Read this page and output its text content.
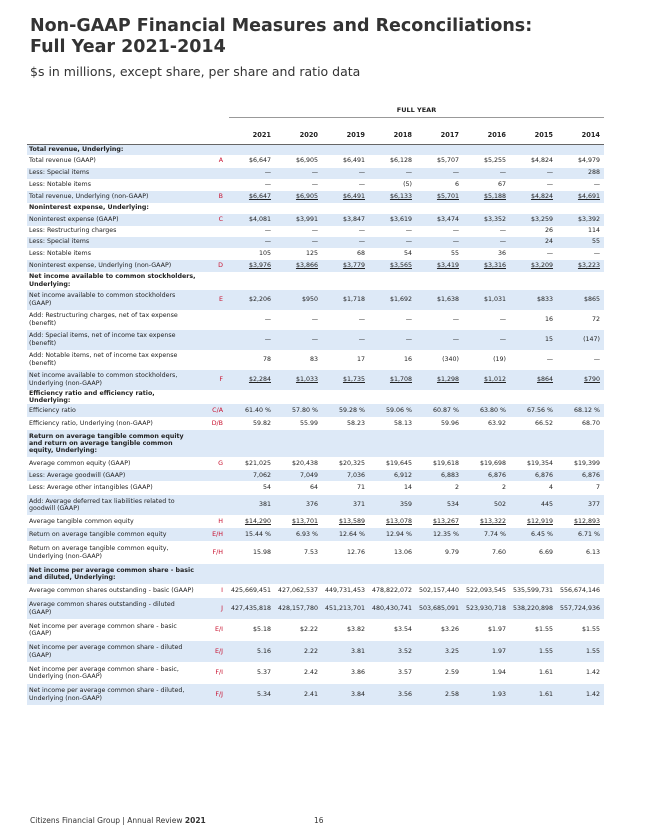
Non-GAAP Financial Measures and Reconciliations:
Full Year 2021-2014
$s in millions, except share, per share and ratio data
FULL YEAR
		2021	2020	2019	2018	2017	2016	2015	2014
Total revenue, Underlying:									
Total revenue (GAAP)	A	$6,647	$6,905	$6,491	$6,128	$5,707	$5,255	$4,824	$4,979
Less: Special items		—	—	—	—	—	—	—	288
Less: Notable items		—	—	—	(5)	6	67	—	—
Total revenue, Underlying (non-GAAP)	B	$6,647	$6,905	$6,491	$6,133	$5,701	$5,188	$4,824	$4,691
Noninterest expense, Underlying:									
Noninterest expense (GAAP)	C	$4,081	$3,991	$3,847	$3,619	$3,474	$3,352	$3,259	$3,392
Less: Restructuring charges		—	—	—	—	—	—	26	114
Less: Special items		—	—	—	—	—	—	24	55
Less: Notable items		105	125	68	54	55	36	—	—
Noninterest expense, Underlying (non-GAAP)	D	$3,976	$3,866	$3,779	$3,565	$3,419	$3,316	$3,209	$3,223
Net income available to common stockholders, Underlying:									
Net income available to common stockholders (GAAP)	E	$2,206	$950	$1,718	$1,692	$1,638	$1,031	$833	$865
Add: Restructuring charges, net of tax expense (benefit)		—	—	—	—	—	—	16	72
Add: Special items, net of income tax expense (benefit)		—	—	—	—	—	—	15	(147)
Add: Notable items, net of income tax expense (benefit)		78	83	17	16	(340)	(19)	—	—
Net income available to common stockholders, Underlying (non-GAAP)	F	$2,284	$1,033	$1,735	$1,708	$1,298	$1,012	$864	$790
Efficiency ratio and efficiency ratio, Underlying:									
Efficiency ratio	C/A	61.40 %	57.80 %	59.28 %	59.06 %	60.87 %	63.80 %	67.56 %	68.12 %
Efficiency ratio, Underlying (non-GAAP)	D/B	59.82	55.99	58.23	58.13	59.96	63.92	66.52	68.70
Return on average tangible common equity and return on average tangible common equity, Underlying:									
Average common equity (GAAP)	G	$21,025	$20,438	$20,325	$19,645	$19,618	$19,698	$19,354	$19,399
Less: Average goodwill (GAAP)		7,062	7,049	7,036	6,912	6,883	6,876	6,876	6,876
Less: Average other intangibles (GAAP)		54	64	71	14	2	2	4	7
Add: Average deferred tax liabilities related to goodwill (GAAP)		381	376	371	359	534	502	445	377
Average tangible common equity	H	$14,290	$13,701	$13,589	$13,078	$13,267	$13,322	$12,919	$12,893
Return on average tangible common equity	E/H	15.44 %	6.93 %	12.64 %	12.94 %	12.35 %	7.74 %	6.45 %	6.71 %
Return on average tangible common equity, Underlying (non-GAAP)	F/H	15.98	7.53	12.76	13.06	9.79	7.60	6.69	6.13
Net income per average common share - basic and diluted, Underlying:									
Average common shares outstanding - basic (GAAP)	I	425,669,451	427,062,537	449,731,453	478,822,072	502,157,440	522,093,545	535,599,731	556,674,146
Average common shares outstanding - diluted (GAAP)	J	427,435,818	428,157,780	451,213,701	480,430,741	503,685,091	523,930,718	538,220,898	557,724,936
Net income per average common share - basic (GAAP)	E/I	$5.18	$2.22	$3.82	$3.54	$3.26	$1.97	$1.55	$1.55
Net income per average common share - diluted (GAAP)	E/J	5.16	2.22	3.81	3.52	3.25	1.97	1.55	1.55
Net income per average common share - basic, Underlying (non-GAAP)	F/I	5.37	2.42	3.86	3.57	2.59	1.94	1.61	1.42
Net income per average common share - diluted, Underlying (non-GAAP)	F/J	5.34	2.41	3.84	3.56	2.58	1.93	1.61	1.42
Citizens Financial Group | Annual Review 2021	16
